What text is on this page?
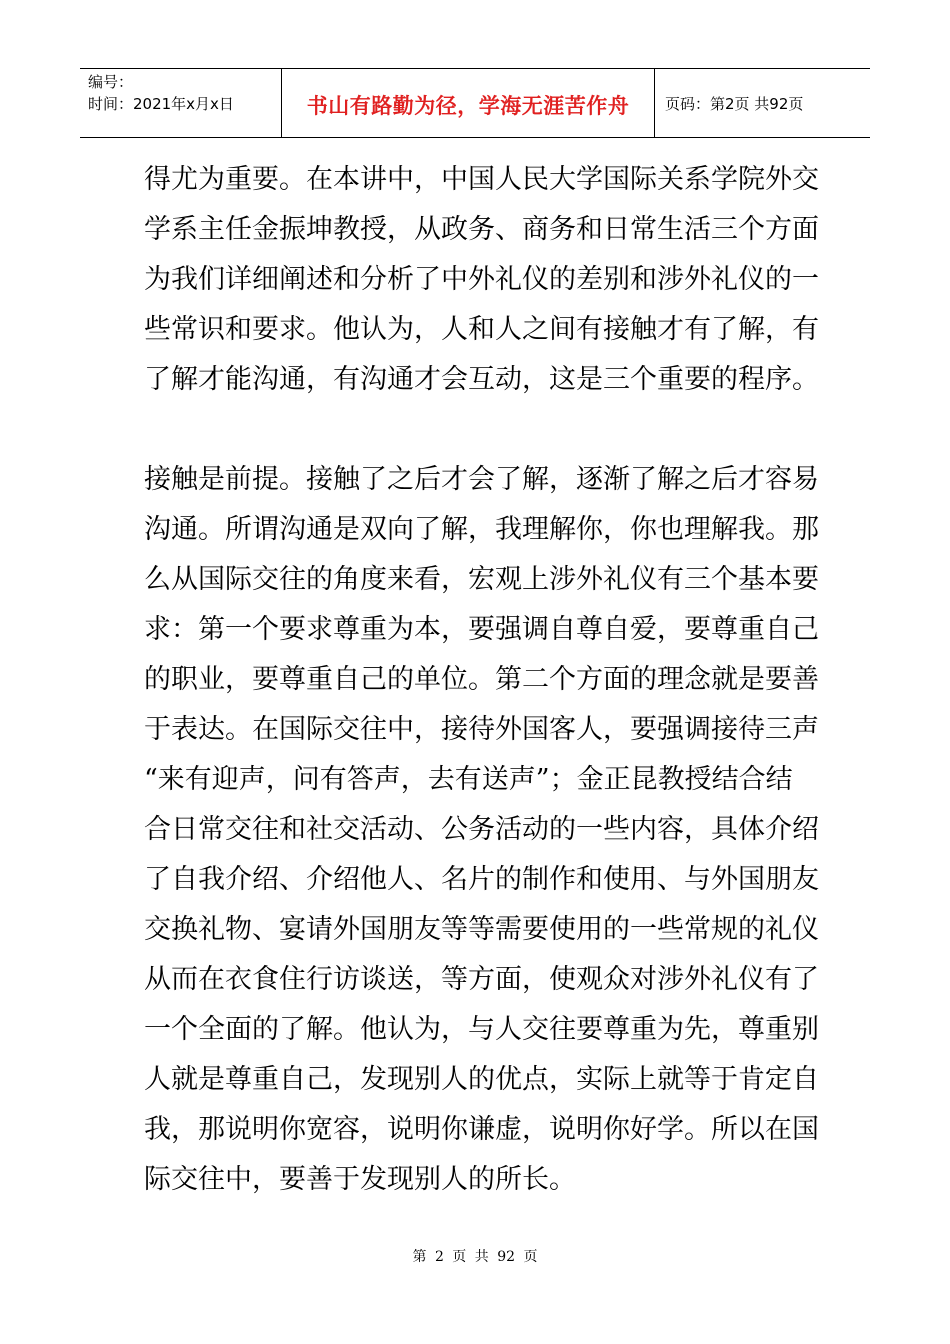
编号：
时间：2021年x月x日	书山有路勤为径，学海无涯苦作舟 页码：第2页 共92页

得尤为重要。在本讲中，中国人民大学国际关系学院外交

学系主任金振坤教授，从政务、商务和日常生活三个方面

为我们详细阐述和分析了中外礼仪的差别和涉外礼仪的一

些常识和要求。他认为，人和人之间有接触才有了解，有

了解才能沟通，有沟通才会互动，这是三个重要的程序。

接触是前提。接触了之后才会了解，逐渐了解之后才容易

沟通。所谓沟通是双向了解，我理解你，你也理解我。那

么从国际交往的角度来看，宏观上涉外礼仪有三个基本要

求：第一个要求尊重为本，要强调自尊自爱，要尊重自己

的职业，要尊重自己的单位。第二个方面的理念就是要善

于表达。在国际交往中，接待外国客人，要强调接待三声

“来有迎声，问有答声，去有送声”；金正昆教授结合结

合日常交往和社交活动、公务活动的一些内容，具体介绍

了自我介绍、介绍他人、名片的制作和使用、与外国朋友

交换礼物、宴请外国朋友等等需要使用的一些常规的礼仪

从而在衣食住行访谈送，等方面，使观众对涉外礼仪有了

一个全面的了解。他认为，与人交往要尊重为先，尊重别

人就是尊重自己，发现别人的优点，实际上就等于肯定自

我，那说明你宽容，说明你谦虚，说明你好学。所以在国

际交往中，要善于发现别人的所长。

第 2 页 共 92 页
